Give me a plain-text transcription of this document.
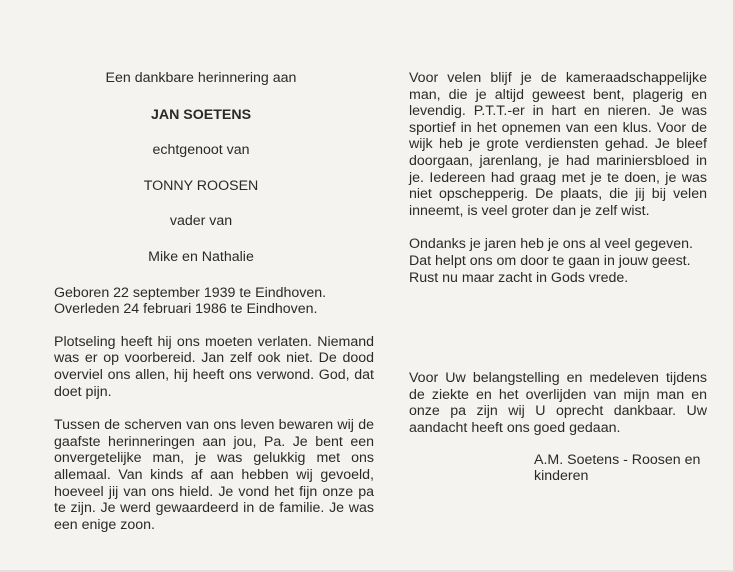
Een dankbare herinnering aan

JAN SOETENS

echtgenoot van

TONNY ROOSEN

vader van

Mike en Nathalie

Geboren 22 september 1939 te Eindhoven.

Overleden 24 februari 1986 te Eindhoven.

Plotseling heeft hij ons moeten verlaten. Niemand was er op voorbereid. Jan zelf ook niet. De dood overviel ons allen, hij heeft ons verwond. God, dat doet pijn.

Tussen de scherven van ons leven bewaren wij de gaafste herinneringen aan jou, Pa. Je bent een onvergetelijke man, je was gelukkig met ons allemaal. Van kinds af aan hebben wij gevoeld, hoeveel jij van ons hield. Je vond het fijn onze pa te zijn. Je werd gewaardeerd in de familie. Je was een enige zoon.

Voor velen blijf je de kameraadschappelijke man, die je altijd geweest bent, plagerig en levendig. P.T.T.-er in hart en nieren. Je was sportief in het opnemen van een klus. Voor de wijk heb je grote verdiensten gehad. Je bleef doorgaan, jarenlang, je had mariniersbloed in je. Iedereen had graag met je te doen, je was niet opschepperig. De plaats, die jij bij velen inneemt, is veel groter dan je zelf wist.

Ondanks je jaren heb je ons al veel gegeven. Dat helpt ons om door te gaan in jouw geest. Rust nu maar zacht in Gods vrede.

Voor Uw belangstelling en medeleven tijdens de ziekte en het overlijden van mijn man en onze pa zijn wij U oprecht dankbaar. Uw aandacht heeft ons goed gedaan.

A.M. Soetens - Roosen en kinderen
